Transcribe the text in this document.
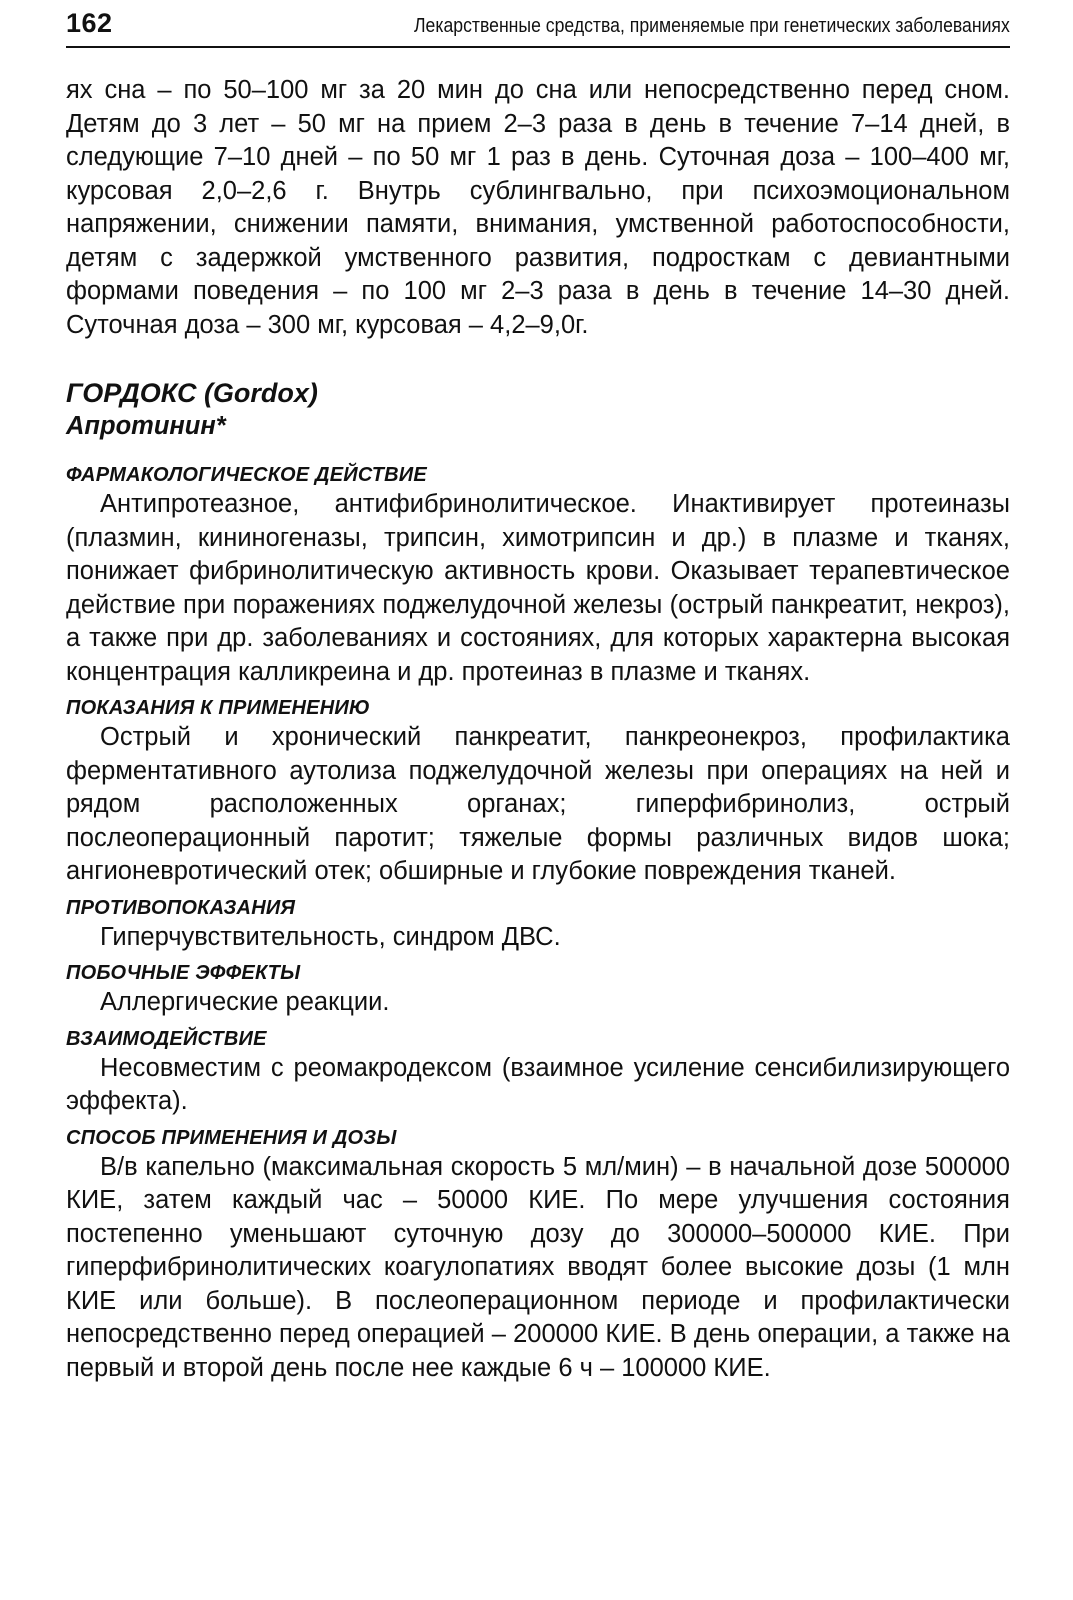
162	Лекарственные средства, применяемые при генетических заболеваниях

ях сна – по 50–100 мг за 20 мин до сна или непосредственно перед сном. Детям до 3 лет – 50 мг на прием 2–3 раза в день в течение 7–14 дней, в следующие 7–10 дней – по 50 мг 1 раз в день. Суточная доза – 100–400 мг, курсовая 2,0–2,6 г. Внутрь сублингвально, при психоэмоциональном напряжении, снижении памяти, внимания, умственной работоспособности, детям с задержкой умственного развития, подросткам с девиантными формами поведения – по 100 мг 2–3 раза в день в течение 14–30 дней. Суточная доза – 300 мг, курсовая – 4,2–9,0г.

ГОРДОКС (Gordox)
Апротинин*
ФАРМАКОЛОГИЧЕСКОЕ ДЕЙСТВИЕ

Антипротеазное, антифибринолитическое. Инактивирует протеиназы (плазмин, кининогеназы, трипсин, химотрипсин и др.) в плазме и тканях, понижает фибринолитическую активность крови. Оказывает терапевтическое действие при поражениях поджелудочной железы (острый панкреатит, некроз), а также при др. заболеваниях и состояниях, для которых характерна высокая концентрация калликреина и др. протеиназ в плазме и тканях.

ПОКАЗАНИЯ К ПРИМЕНЕНИЮ

Острый и хронический панкреатит, панкреонекроз, профилактика ферментативного аутолиза поджелудочной железы при операциях на ней и рядом расположенных органах; гиперфибринолиз, острый послеоперационный паротит; тяжелые формы различных видов шока; ангионевротический отек; обширные и глубокие повреждения тканей.

ПРОТИВОПОКАЗАНИЯ

Гиперчувствительность, синдром ДВС.

ПОБОЧНЫЕ ЭФФЕКТЫ

Аллергические реакции.

ВЗАИМОДЕЙСТВИЕ

Несовместим с реомакродексом (взаимное усиление сенсибилизирующего эффекта).

СПОСОБ ПРИМЕНЕНИЯ И ДОЗЫ

В/в капельно (максимальная скорость 5 мл/мин) – в начальной дозе 500000 КИЕ, затем каждый час – 50000 КИЕ. По мере улучшения состояния постепенно уменьшают суточную дозу до 300000–500000 КИЕ. При гиперфибринолитических коагулопатиях вводят более высокие дозы (1 млн КИЕ или больше). В послеоперационном периоде и профилактически непосредственно перед операцией – 200000 КИЕ. В день операции, а также на первый и второй день после нее каждые 6 ч – 100000 КИЕ.
